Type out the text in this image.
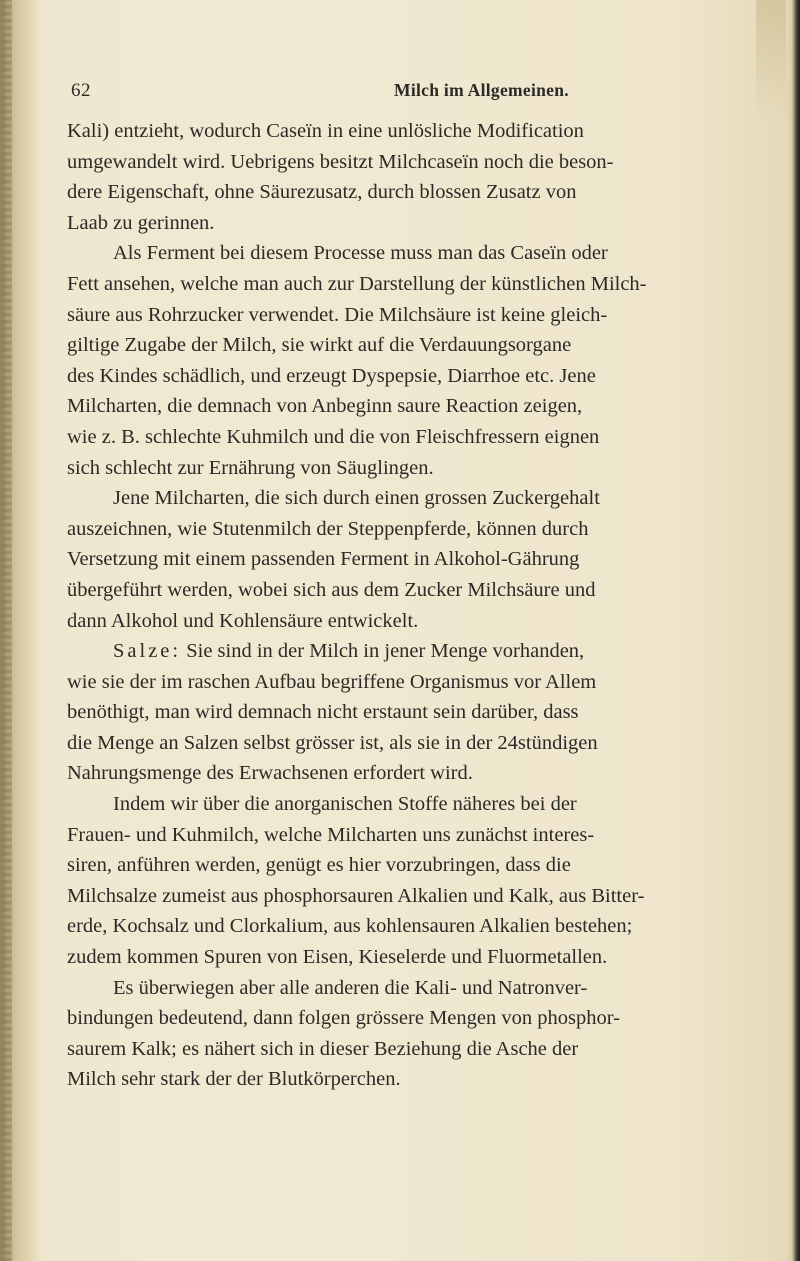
62	Milch im Allgemeinen.

Kali) entzieht, wodurch Caseïn in eine unlösliche Modification
umgewandelt wird. Uebrigens besitzt Milchcaseïn noch die beson-
dere Eigenschaft, ohne Säurezusatz, durch blossen Zusatz von
Laab zu gerinnen.

Als Ferment bei diesem Processe muss man das Caseïn oder
Fett ansehen, welche man auch zur Darstellung der künstlichen Milch-
säure aus Rohrzucker verwendet. Die Milchsäure ist keine gleich-
giltige Zugabe der Milch, sie wirkt auf die Verdauungsorgane
des Kindes schädlich, und erzeugt Dyspepsie, Diarrhoe etc. Jene
Milcharten, die demnach von Anbeginn saure Reaction zeigen,
wie z. B. schlechte Kuhmilch und die von Fleischfressern eignen
sich schlecht zur Ernährung von Säuglingen.

Jene Milcharten, die sich durch einen grossen Zuckergehalt
auszeichnen, wie Stutenmilch der Steppenpferde, können durch
Versetzung mit einem passenden Ferment in Alkohol-Gährung
übergeführt werden, wobei sich aus dem Zucker Milchsäure und
dann Alkohol und Kohlensäure entwickelt.

Salze: Sie sind in der Milch in jener Menge vorhanden,
wie sie der im raschen Aufbau begriffene Organismus vor Allem
benöthigt, man wird demnach nicht erstaunt sein darüber, dass
die Menge an Salzen selbst grösser ist, als sie in der 24stündigen
Nahrungsmenge des Erwachsenen erfordert wird.

Indem wir über die anorganischen Stoffe näheres bei der
Frauen- und Kuhmilch, welche Milcharten uns zunächst interes-
siren, anführen werden, genügt es hier vorzubringen, dass die
Milchsalze zumeist aus phosphorsauren Alkalien und Kalk, aus Bitter-
erde, Kochsalz und Clorkalium, aus kohlensauren Alkalien bestehen;
zudem kommen Spuren von Eisen, Kieselerde und Fluormetallen.

Es überwiegen aber alle anderen die Kali- und Natronver-
bindungen bedeutend, dann folgen grössere Mengen von phosphor-
saurem Kalk; es nähert sich in dieser Beziehung die Asche der
Milch sehr stark der der Blutkörperchen.
